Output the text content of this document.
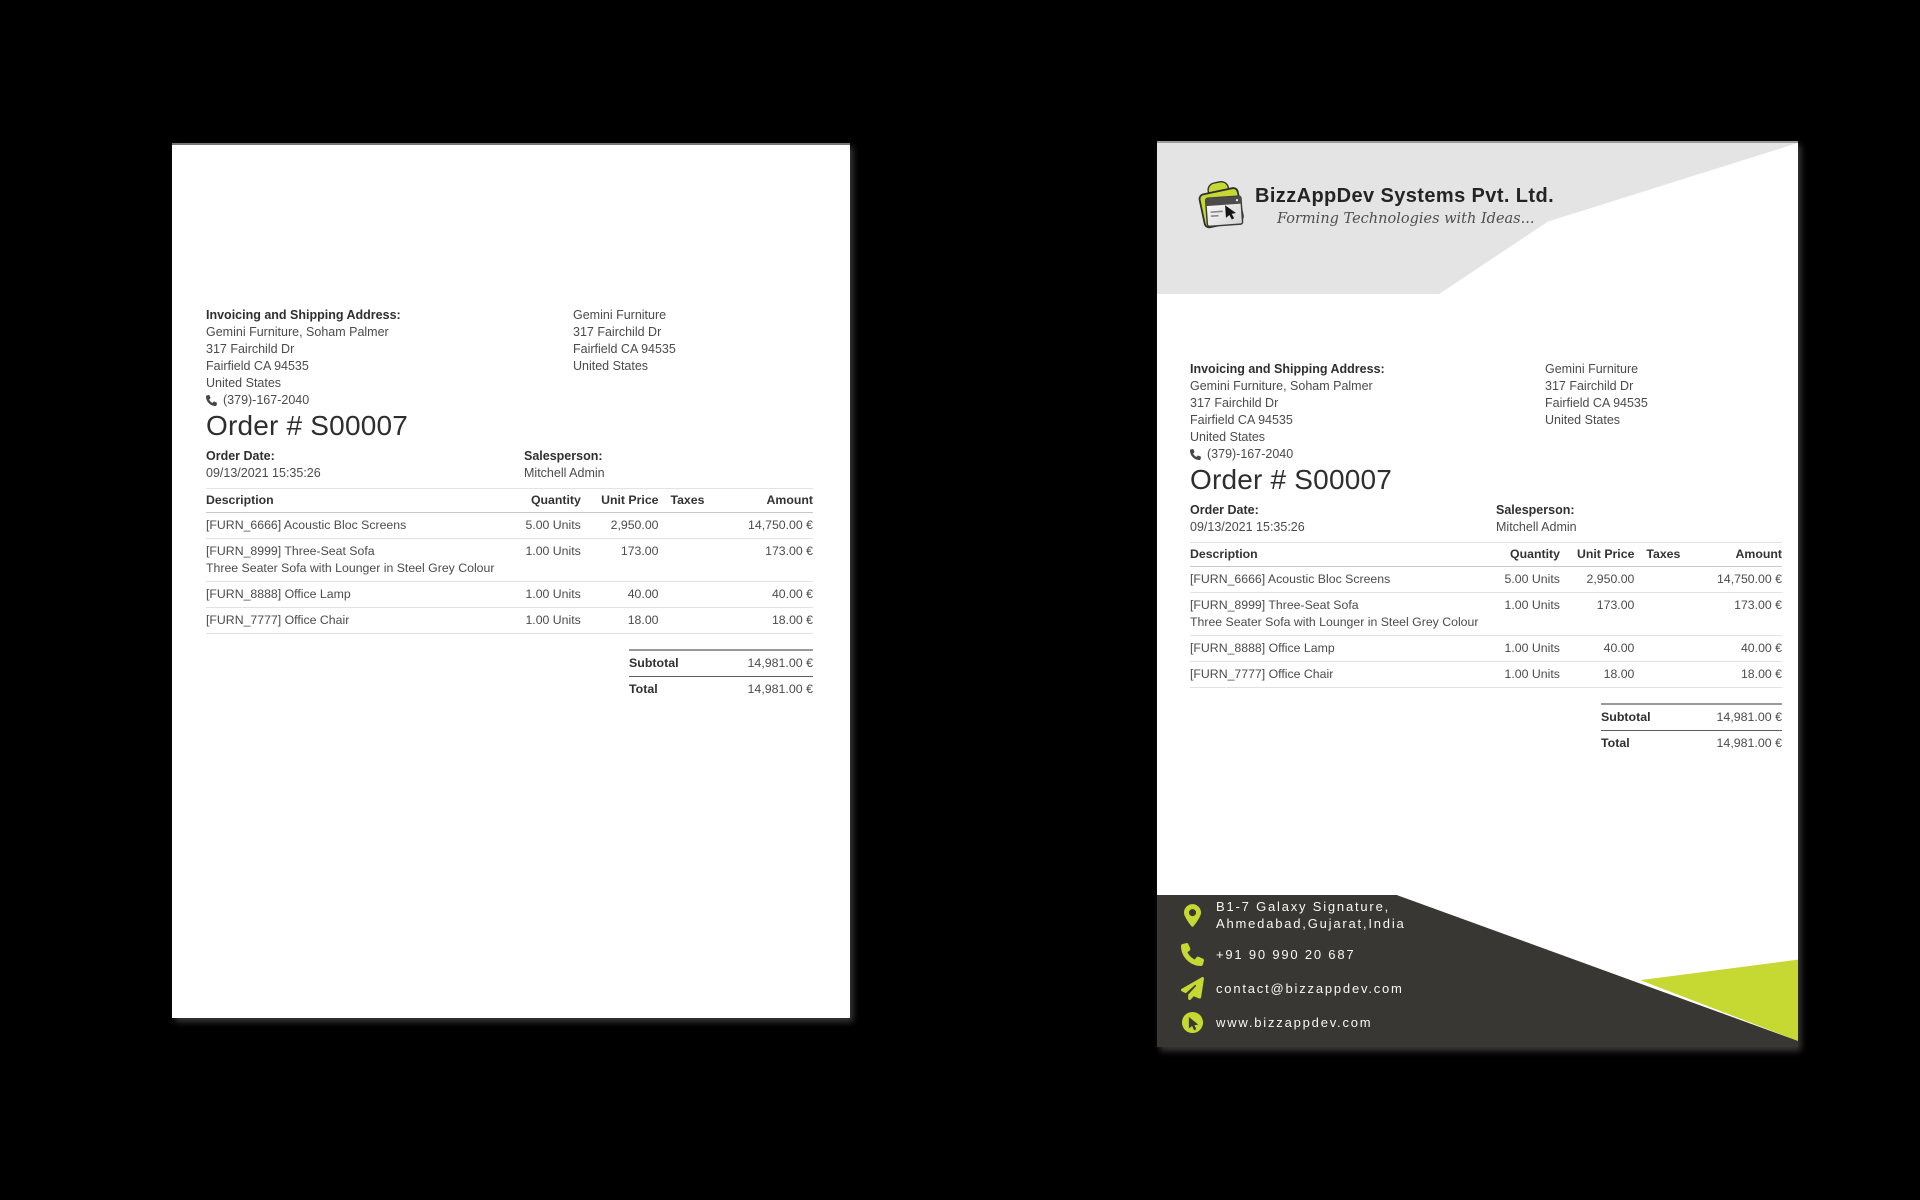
Invoicing and Shipping Address:
Gemini Furniture, Soham Palmer
317 Fairchild Dr
Fairfield CA 94535
United States
(379)-167-2040
Gemini Furniture
317 Fairchild Dr
Fairfield CA 94535
United States
Order # S00007
Order Date:
09/13/2021 15:35:26
Salesperson:
Mitchell Admin
Description	Quantity	Unit Price	Taxes	Amount
[FURN_6666] Acoustic Bloc Screens	5.00 Units	2,950.00		14,750.00 €

[FURN_8999] Three-Seat Sofa
Three Seater Sofa with Lounger in Steel Grey Colour	1.00 Units	173.00		173.00 €
[FURN_8888] Office Lamp	1.00 Units	40.00		40.00 €
[FURN_7777] Office Chair	1.00 Units	18.00		18.00 €
Subtotal	14,981.00 €
Total	14,981.00 €
BizzAppDev Systems Pvt. Ltd.
Forming Technologies with Ideas...
Invoicing and Shipping Address:
Gemini Furniture, Soham Palmer
317 Fairchild Dr
Fairfield CA 94535
United States
(379)-167-2040
Gemini Furniture
317 Fairchild Dr
Fairfield CA 94535
United States
Order # S00007
Order Date:
09/13/2021 15:35:26
Salesperson:
Mitchell Admin
Description	Quantity	Unit Price	Taxes	Amount
[FURN_6666] Acoustic Bloc Screens	5.00 Units	2,950.00		14,750.00 €

[FURN_8999] Three-Seat Sofa
Three Seater Sofa with Lounger in Steel Grey Colour	1.00 Units	173.00		173.00 €
[FURN_8888] Office Lamp	1.00 Units	40.00		40.00 €
[FURN_7777] Office Chair	1.00 Units	18.00		18.00 €
Subtotal	14,981.00 €
Total	14,981.00 €
B1-7 Galaxy Signature,
Ahmedabad,Gujarat,India
+91 90 990 20 687
contact@bizzappdev.com
www.bizzappdev.com
